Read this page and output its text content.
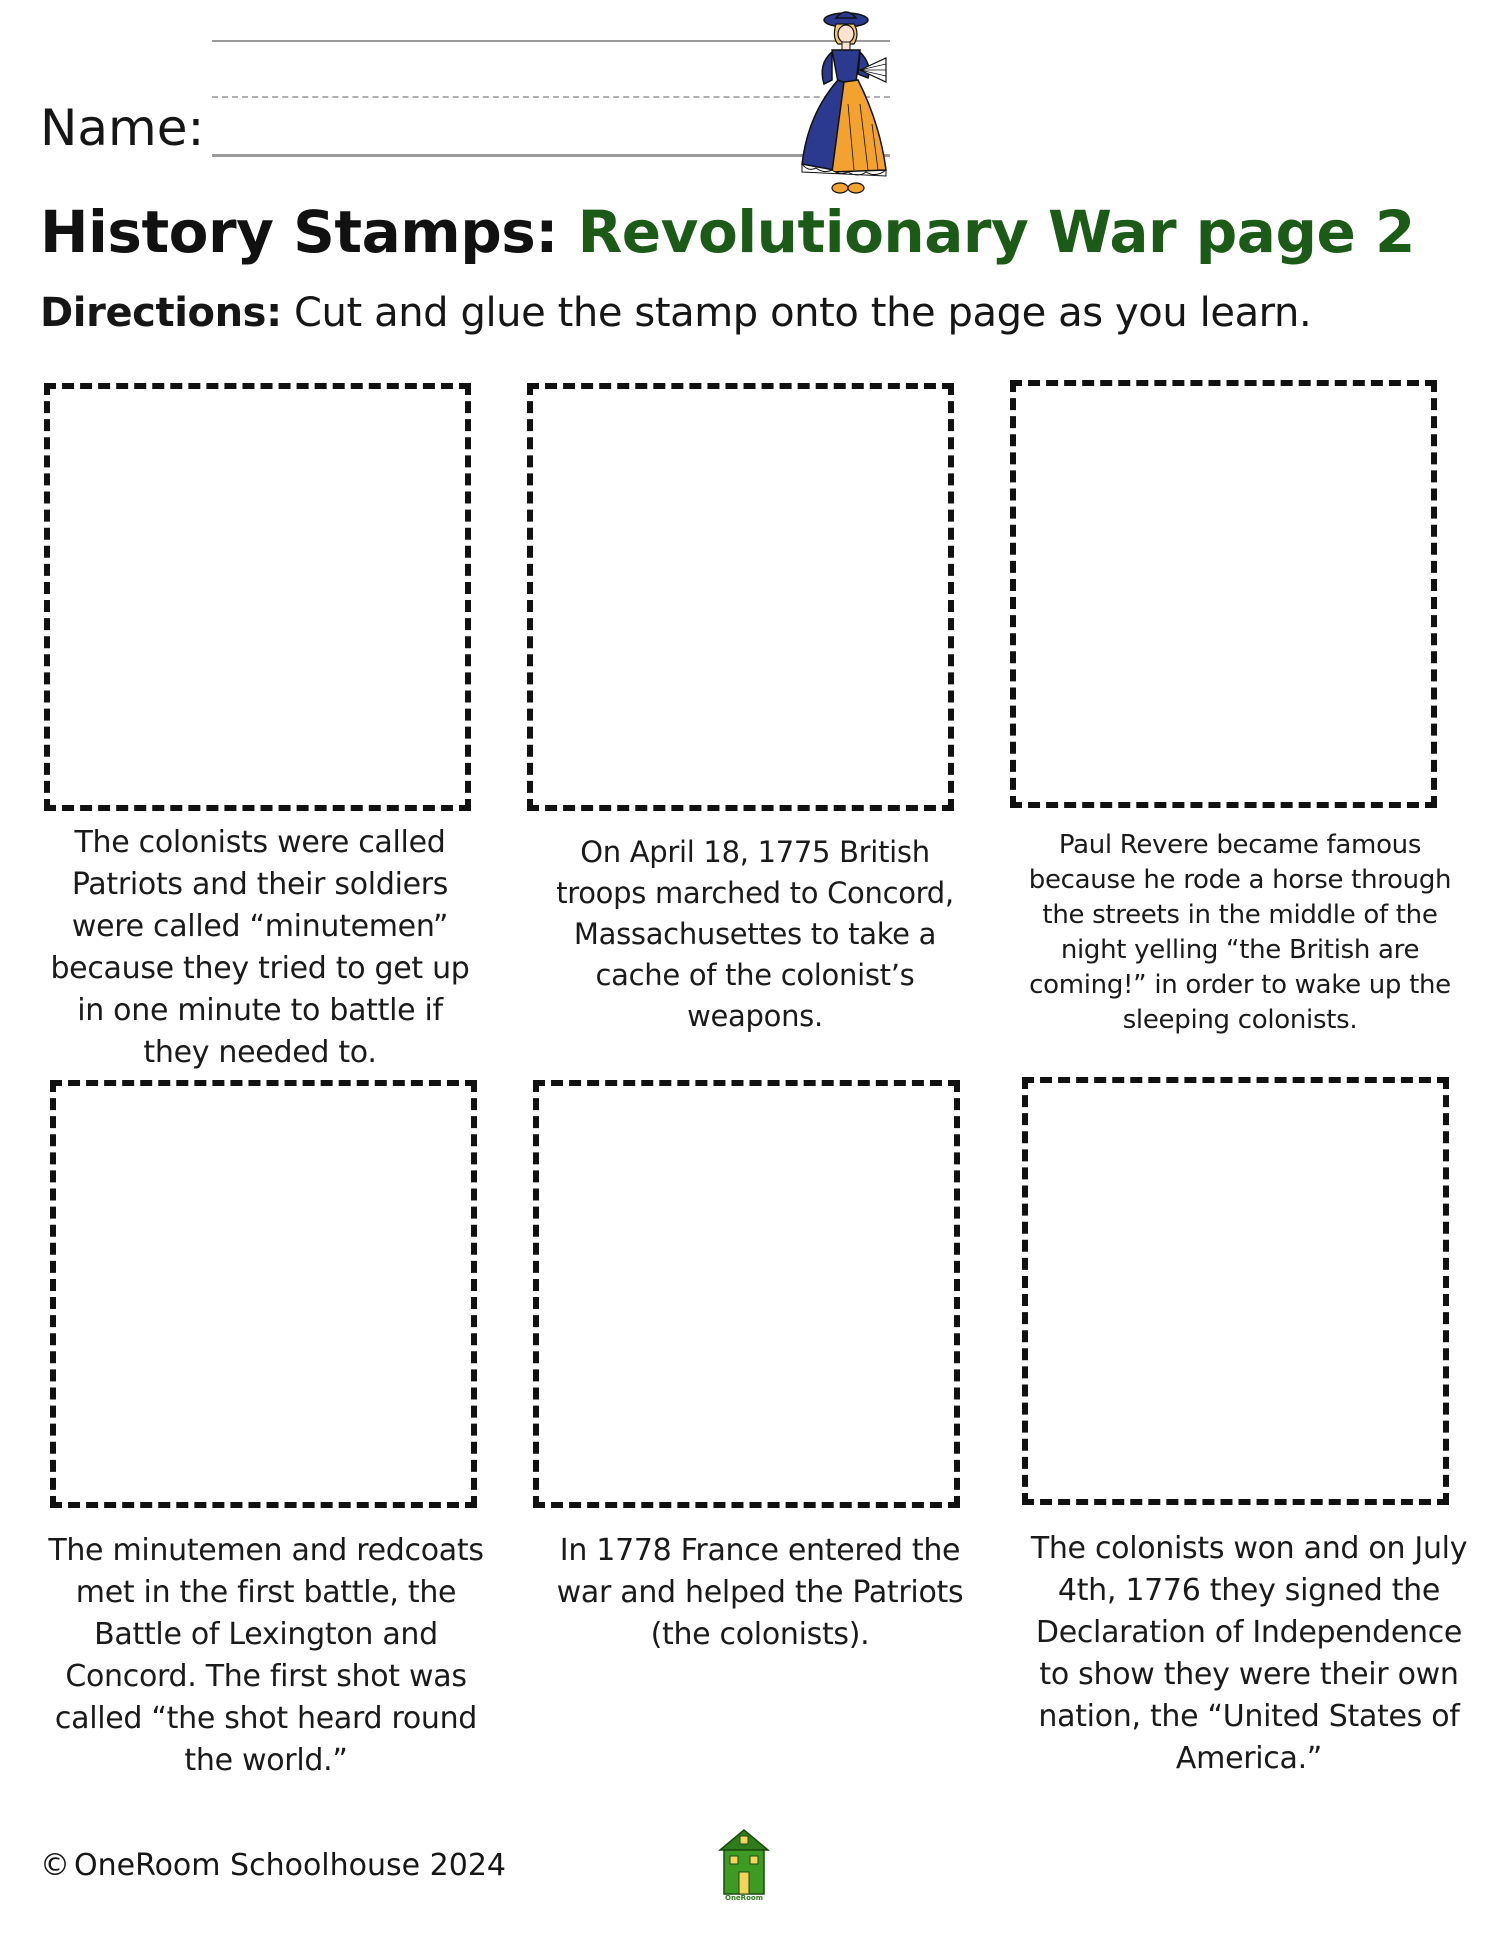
Name:
History Stamps: Revolutionary War page 2
Directions: Cut and glue the stamp onto the page as you learn.
The colonists were called Patriots and their soldiers were called “minutemen” because they tried to get up in one minute to battle if they needed to.
On April 18, 1775 British troops marched to Concord, Massachusettes to take a cache of the colonist’s weapons.
Paul Revere became famous because he rode a horse through the streets in the middle of the night yelling “the British are coming!” in order to wake up the sleeping colonists.
The minutemen and redcoats met in the first battle, the Battle of Lexington and Concord. The first shot was called “the shot heard round the world.”
In 1778 France entered the war and helped the Patriots (the colonists).
The colonists won and on July 4th, 1776 they signed the Declaration of Independence to show they were their own nation, the “United States of America.”
© OneRoom Schoolhouse 2024
OneRoom
